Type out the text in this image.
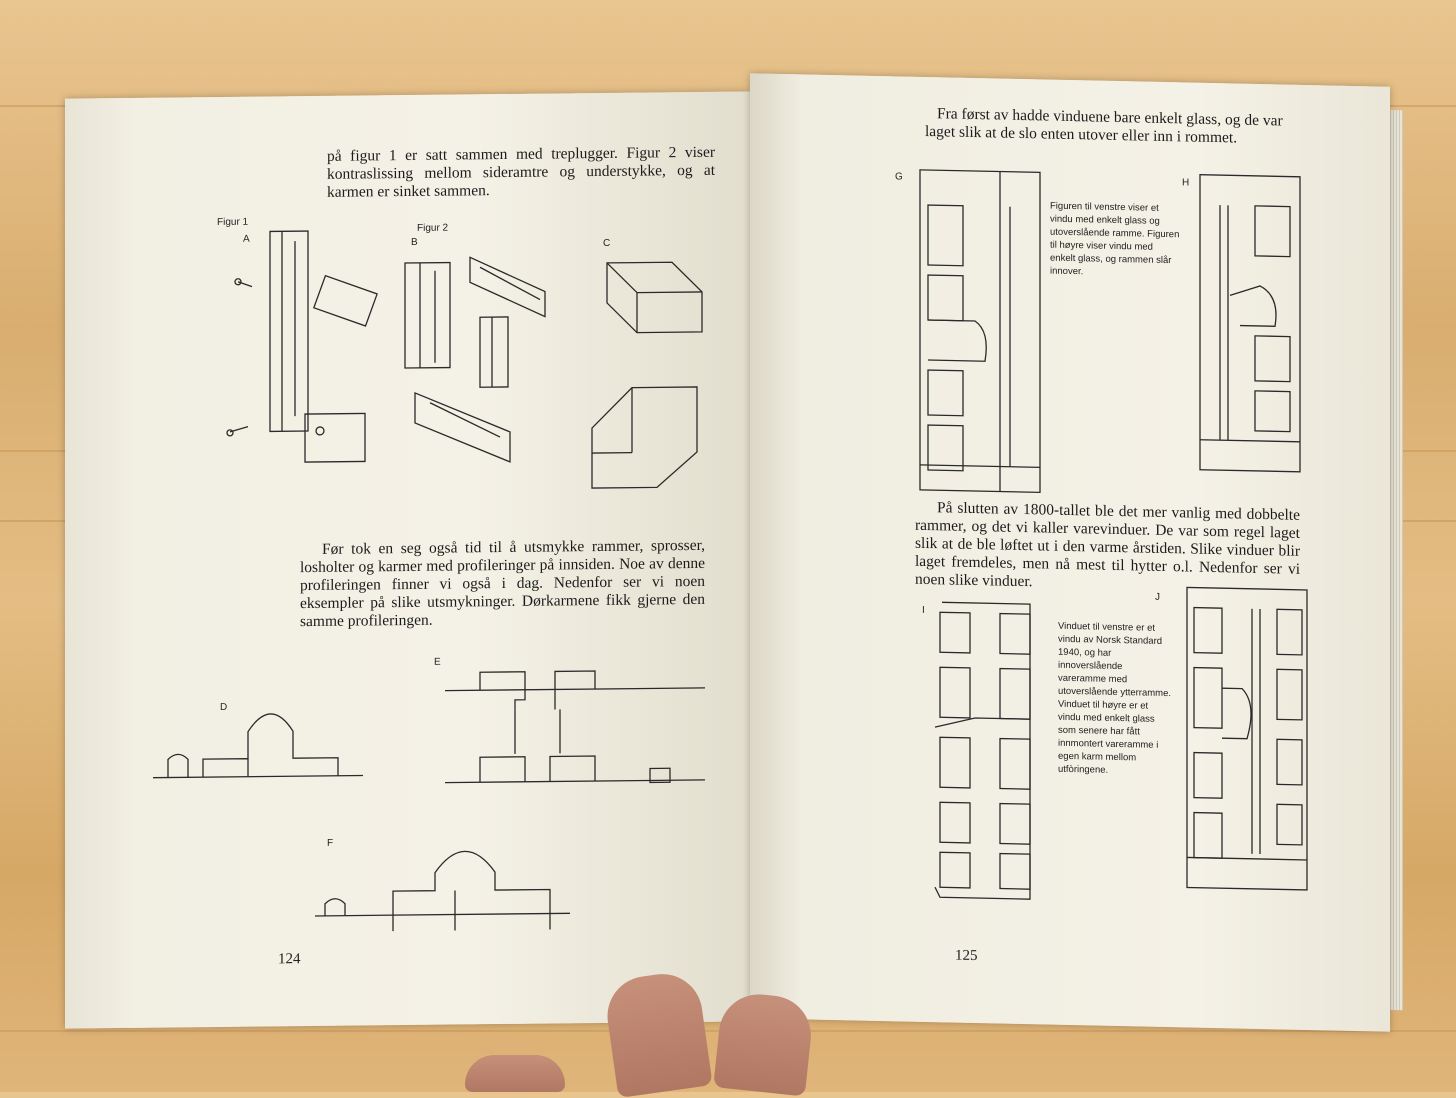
på figur 1 er satt sammen med treplugger. Figur 2 viser kontraslissing mellom sideramtre og understykke, og at karmen er sinket sammen.
Figur 1
A
Figur 2
B	C
Før tok en seg også tid til å utsmykke rammer, sprosser, losholter og karmer med profileringer på innsiden. Noe av denne profileringen finner vi også i dag. Nedenfor ser vi noen eksempler på slike utsmykninger. Dørkarmene fikk gjerne den samme profileringen.
D
E
F
124
Fra først av hadde vinduene bare enkelt glass, og de var laget slik at de slo enten utover eller inn i rommet.
G
H
Figuren til venstre viser et vindu med enkelt glass og utoverslående ramme. Figuren til høyre viser vindu med enkelt glass, og rammen slår innover.
På slutten av 1800-tallet ble det mer vanlig med dobbelte rammer, og det vi kaller varevinduer. De var som regel laget slik at de ble løftet ut i den varme årstiden. Slike vinduer blir laget fremdeles, men nå mest til hytter o.l. Nedenfor ser vi noen slike vinduer.
I
J
Vinduet til venstre er et vindu av Norsk Standard 1940, og har innoverslående vareramme med utoverslående ytterramme. Vinduet til høyre er et vindu med enkelt glass som senere har fått innmontert vareramme i egen karm mellom utfòringene.
125
